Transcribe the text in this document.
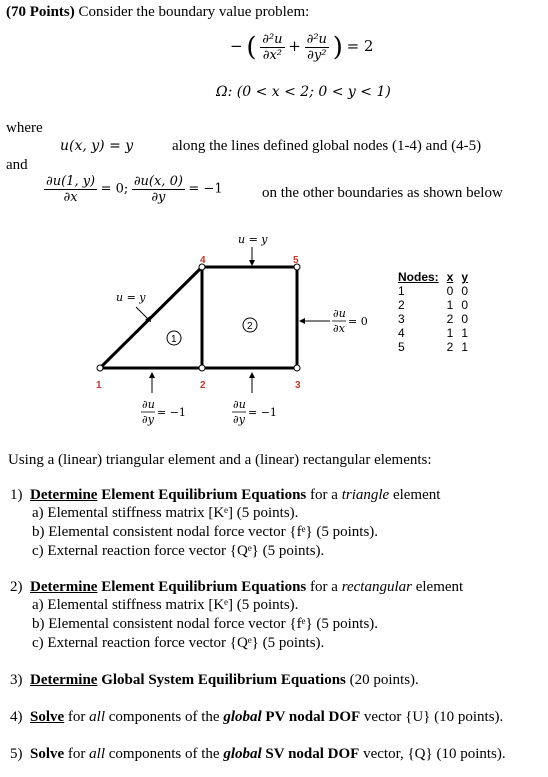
(70 Points) Consider the boundary value problem:
− ( $\frac{\text{∂²u}}{\text{∂x²}} + \frac{\text{∂²u}}{\text{∂y²}}$ ) = 2
Ω: (0 < x < 2; 0 < y < 1)
where
u(x, y) = y	along the lines defined global nodes (1-4) and (4-5)
and
$\frac{\partial u(1, y)}{\partial x} = 0$; $\frac{\partial u(x, 0)}{\partial y} = -1$	on the other boundaries as shown below
1	2	3
4	5
1
2
u = y
u = y
∂u
∂x
= 0
∂u
∂y
= −1
∂u
∂y
= −1
Nodes:	x	y
1	0	0
2	1	0
3	2	0
4	1	1
5	2	1
Using a (linear) triangular element and a (linear) rectangular elements:
1) Determine Element Equilibrium Equations for a triangle element
a) Elemental stiffness matrix [Kᵉ] (5 points).
b) Elemental consistent nodal force vector {fᵉ} (5 points).
c) External reaction force vector {Qᵉ} (5 points).
2) Determine Element Equilibrium Equations for a rectangular element
a) Elemental stiffness matrix [Kᵉ] (5 points).
b) Elemental consistent nodal force vector {fᵉ} (5 points).
c) External reaction force vector {Qᵉ} (5 points).
3) Determine Global System Equilibrium Equations (20 points).
4) Solve for all components of the global PV nodal DOF vector {U} (10 points).
5) Solve for all components of the global SV nodal DOF vector, {Q} (10 points).
